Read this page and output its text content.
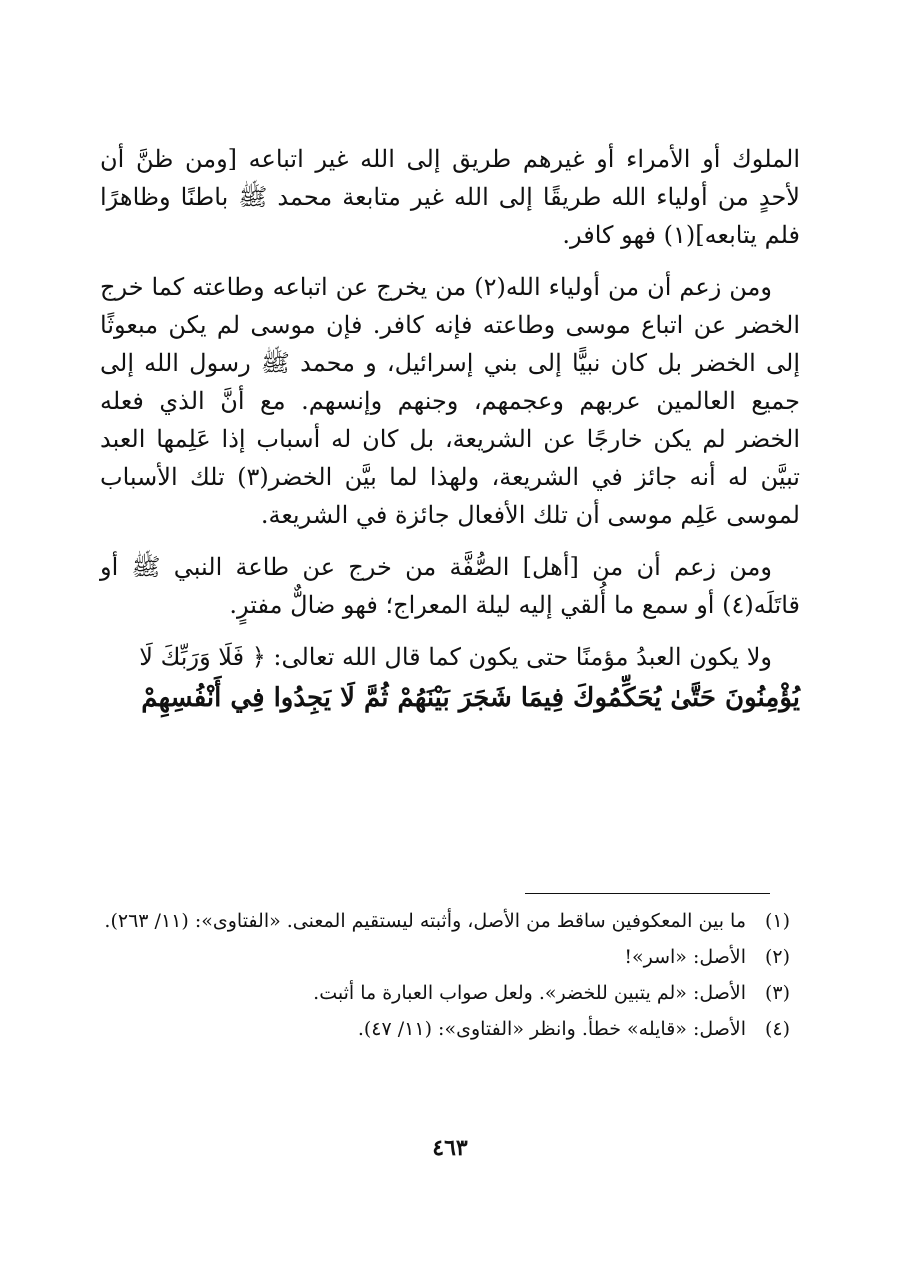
الملوك أو الأمراء أو غيرهم طريق إلى الله غير اتباعه [ومن ظنَّ أن لأحدٍ من أولياء الله طريقًا إلى الله غير متابعة محمد ﷺ باطنًا وظاهرًا فلم يتابعه](١) فهو كافر.

ومن زعم أن من أولياء الله(٢) من يخرج عن اتباعه وطاعته كما خرج الخضر عن اتباع موسى وطاعته فإنه كافر. فإن موسى لم يكن مبعوثًا إلى الخضر بل كان نبيًّا إلى بني إسرائيل، و محمد ﷺ رسول الله إلى جميع العالمين عربهم وعجمهم، وجنهم وإنسهم. مع أنَّ الذي فعله الخضر لم يكن خارجًا عن الشريعة، بل كان له أسباب إذا عَلِمها العبد تبيَّن له أنه جائز في الشريعة، ولهذا لما بيَّن الخضر(٣) تلك الأسباب لموسى عَلِم موسى أن تلك الأفعال جائزة في الشريعة.

ومن زعم أن من [أهل] الصُّفَّة من خرج عن طاعة النبي ﷺ أو قاتَلَه(٤) أو سمع ما أُلقي إليه ليلة المعراج؛ فهو ضالٌّ مفترٍ.

ولا يكون العبدُ مؤمنًا حتى يكون كما قال الله تعالى: ﴿ فَلَا وَرَبِّكَ لَا

يُؤْمِنُونَ حَتَّىٰ يُحَكِّمُوكَ فِيمَا شَجَرَ بَيْنَهُمْ ثُمَّ لَا يَجِدُوا فِي أَنْفُسِهِمْ

(١)
ما بين المعكوفين ساقط من الأصل، وأثبته ليستقيم المعنى. «الفتاوى»: (١١/ ٢٦٣).
(٢)
الأصل: «اسر»!
(٣)
الأصل: «لم يتبين للخضر». ولعل صواب العبارة ما أثبت.
(٤)
الأصل: «قايله» خطأ. وانظر «الفتاوى»: (١١/ ٤٧).
٤٦٣
